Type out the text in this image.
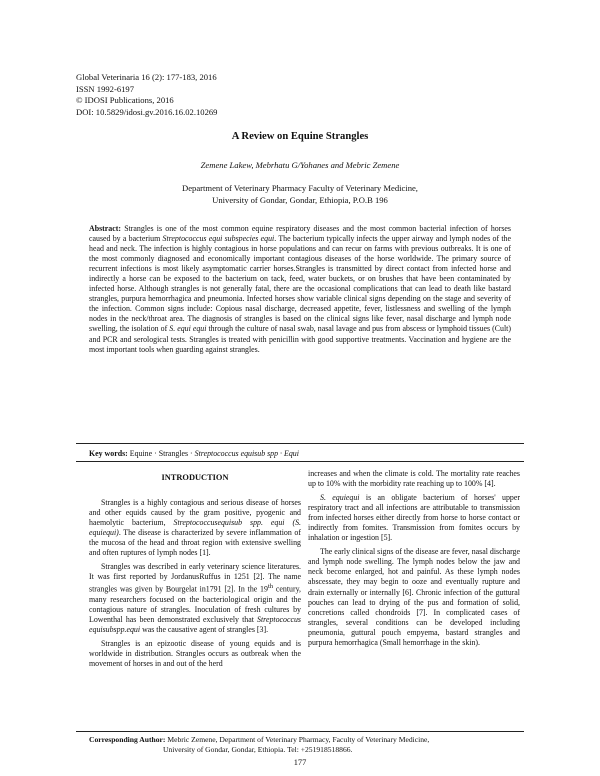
Global Veterinaria 16 (2): 177-183, 2016
ISSN 1992-6197
© IDOSI Publications, 2016
DOI: 10.5829/idosi.gv.2016.16.02.10269
A Review on Equine Strangles
Zemene Lakew, Mebrhatu G/Yohanes and Mebric Zemene
Department of Veterinary Pharmacy Faculty of Veterinary Medicine,
University of Gondar, Gondar, Ethiopia, P.O.B 196
Abstract: Strangles is one of the most common equine respiratory diseases and the most common bacterial infection of horses caused by a bacterium Streptococcus equi subspecies equi. The bacterium typically infects the upper airway and lymph nodes of the head and neck. The infection is highly contagious in horse populations and can recur on farms with previous outbreaks. It is one of the most commonly diagnosed and economically important contagious diseases of the horse worldwide. The primary source of recurrent infections is most likely asymptomatic carrier horses.Strangles is transmitted by direct contact from infected horse and indirectly a horse can be exposed to the bacterium on tack, feed, water buckets, or on brushes that have been contaminated by infected horse. Although strangles is not generally fatal, there are the occasional complications that can lead to death like bastard strangles, purpura hemorrhagica and pneumonia. Infected horses show variable clinical signs depending on the stage and severity of the infection. Common signs include: Copious nasal discharge, decreased appetite, fever, listlessness and swelling of the lymph nodes in the neck/throat area. The diagnosis of strangles is based on the clinical signs like fever, nasal discharge and lymph node swelling, the isolation of S. equi equi through the culture of nasal swab, nasal lavage and pus from abscess or lymphoid tissues (Cult) and PCR and serological tests. Strangles is treated with penicillin with good supportive treatments. Vaccination and hygiene are the most important tools when guarding against strangles.
Key words: Equine · Strangles · Streptococcus equisub spp · Equi
INTRODUCTION

Strangles is a highly contagious and serious disease of horses and other equids caused by the gram positive, pyogenic and haemolytic bacterium, Streptococcusequisub spp. equi (S. equiequi). The disease is characterized by severe inflammation of the mucosa of the head and throat region with extensive swelling and often ruptures of lymph nodes [1].

Strangles was described in early veterinary science literatures. It was first reported by JordanusRuffus in 1251 [2]. The name strangles was given by Bourgelat in1791 [2]. In the 19th century, many researchers focused on the bacteriological origin and the contagious nature of strangles. Inoculation of fresh cultures by Lowenthal has been demonstrated exclusively that Streptococcus equisubspp.equi was the causative agent of strangles [3].

Strangles is an epizootic disease of young equids and is worldwide in distribution. Strangles occurs as outbreak when the movement of horses in and out of the herd

increases and when the climate is cold. The mortality rate reaches up to 10% with the morbidity rate reaching up to 100% [4].

S. equiequi is an obligate bacterium of horses' upper respiratory tract and all infections are attributable to transmission from infected horses either directly from horse to horse contact or indirectly from fomites. Transmission from fomites occurs by inhalation or ingestion [5].

The early clinical signs of the disease are fever, nasal discharge and lymph node swelling. The lymph nodes below the jaw and neck become enlarged, hot and painful. As these lymph nodes abscessate, they may begin to ooze and eventually rupture and drain externally or internally [6]. Chronic infection of the guttural pouches can lead to drying of the pus and formation of solid, concretions called chondroids [7]. In complicated cases of strangles, several conditions can be developed including pneumonia, guttural pouch empyema, bastard strangles and purpura hemorrhagica (Small hemorrhage in the skin).

Corresponding Author: Mebric Zemene, Department of Veterinary Pharmacy, Faculty of Veterinary Medicine,
University of Gondar, Gondar, Ethiopia. Tel: +251918518866.
177
